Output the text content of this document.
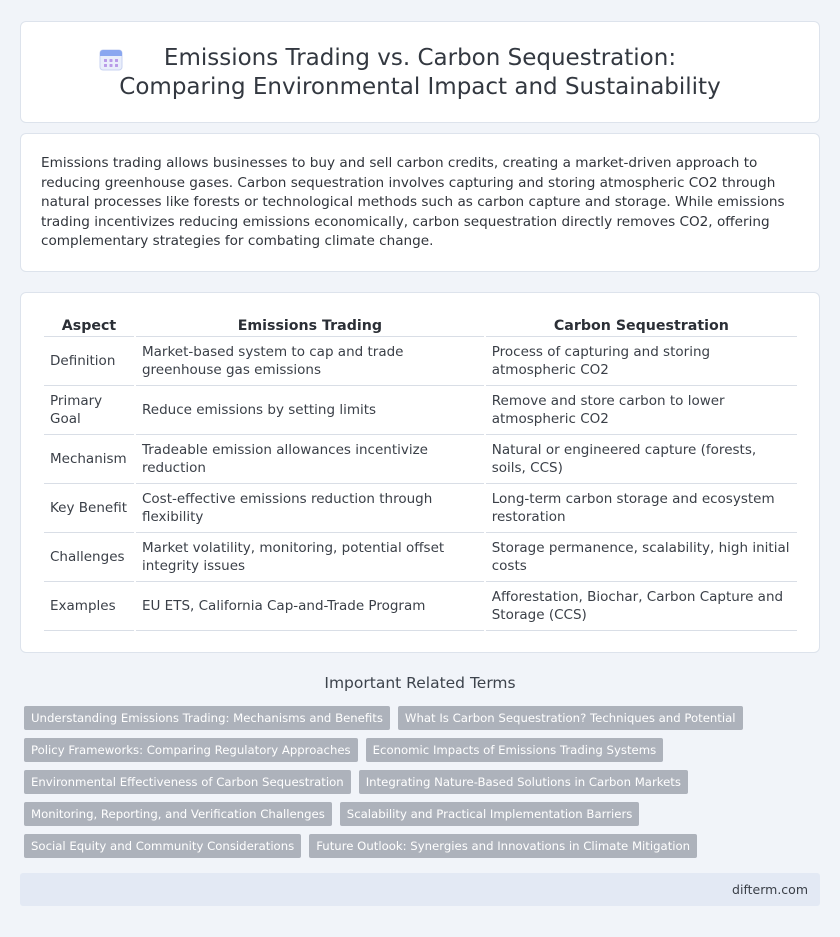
Emissions Trading vs. Carbon Sequestration: Comparing Environmental Impact and Sustainability

Emissions trading allows businesses to buy and sell carbon credits, creating a market-driven approach to reducing greenhouse gases. Carbon sequestration involves capturing and storing atmospheric CO2 through natural processes like forests or technological methods such as carbon capture and storage. While emissions trading incentivizes reducing emissions economically, carbon sequestration directly removes CO2, offering complementary strategies for combating climate change.

Aspect	Emissions Trading	Carbon Sequestration
Definition	Market-based system to cap and trade greenhouse gas emissions	Process of capturing and storing atmospheric CO2
Primary Goal	Reduce emissions by setting limits	Remove and store carbon to lower atmospheric CO2
Mechanism	Tradeable emission allowances incentivize reduction	Natural or engineered capture (forests, soils, CCS)
Key Benefit	Cost-effective emissions reduction through flexibility	Long-term carbon storage and ecosystem restoration
Challenges	Market volatility, monitoring, potential offset integrity issues	Storage permanence, scalability, high initial costs
Examples	EU ETS, California Cap-and-Trade Program	Afforestation, Biochar, Carbon Capture and Storage (CCS)
Important Related Terms
Understanding Emissions Trading: Mechanisms and Benefits	What Is Carbon Sequestration? Techniques and Potential
Policy Frameworks: Comparing Regulatory Approaches	Economic Impacts of Emissions Trading Systems
Environmental Effectiveness of Carbon Sequestration	Integrating Nature-Based Solutions in Carbon Markets
Monitoring, Reporting, and Verification Challenges	Scalability and Practical Implementation Barriers
Social Equity and Community Considerations	Future Outlook: Synergies and Innovations in Climate Mitigation
difterm.com
